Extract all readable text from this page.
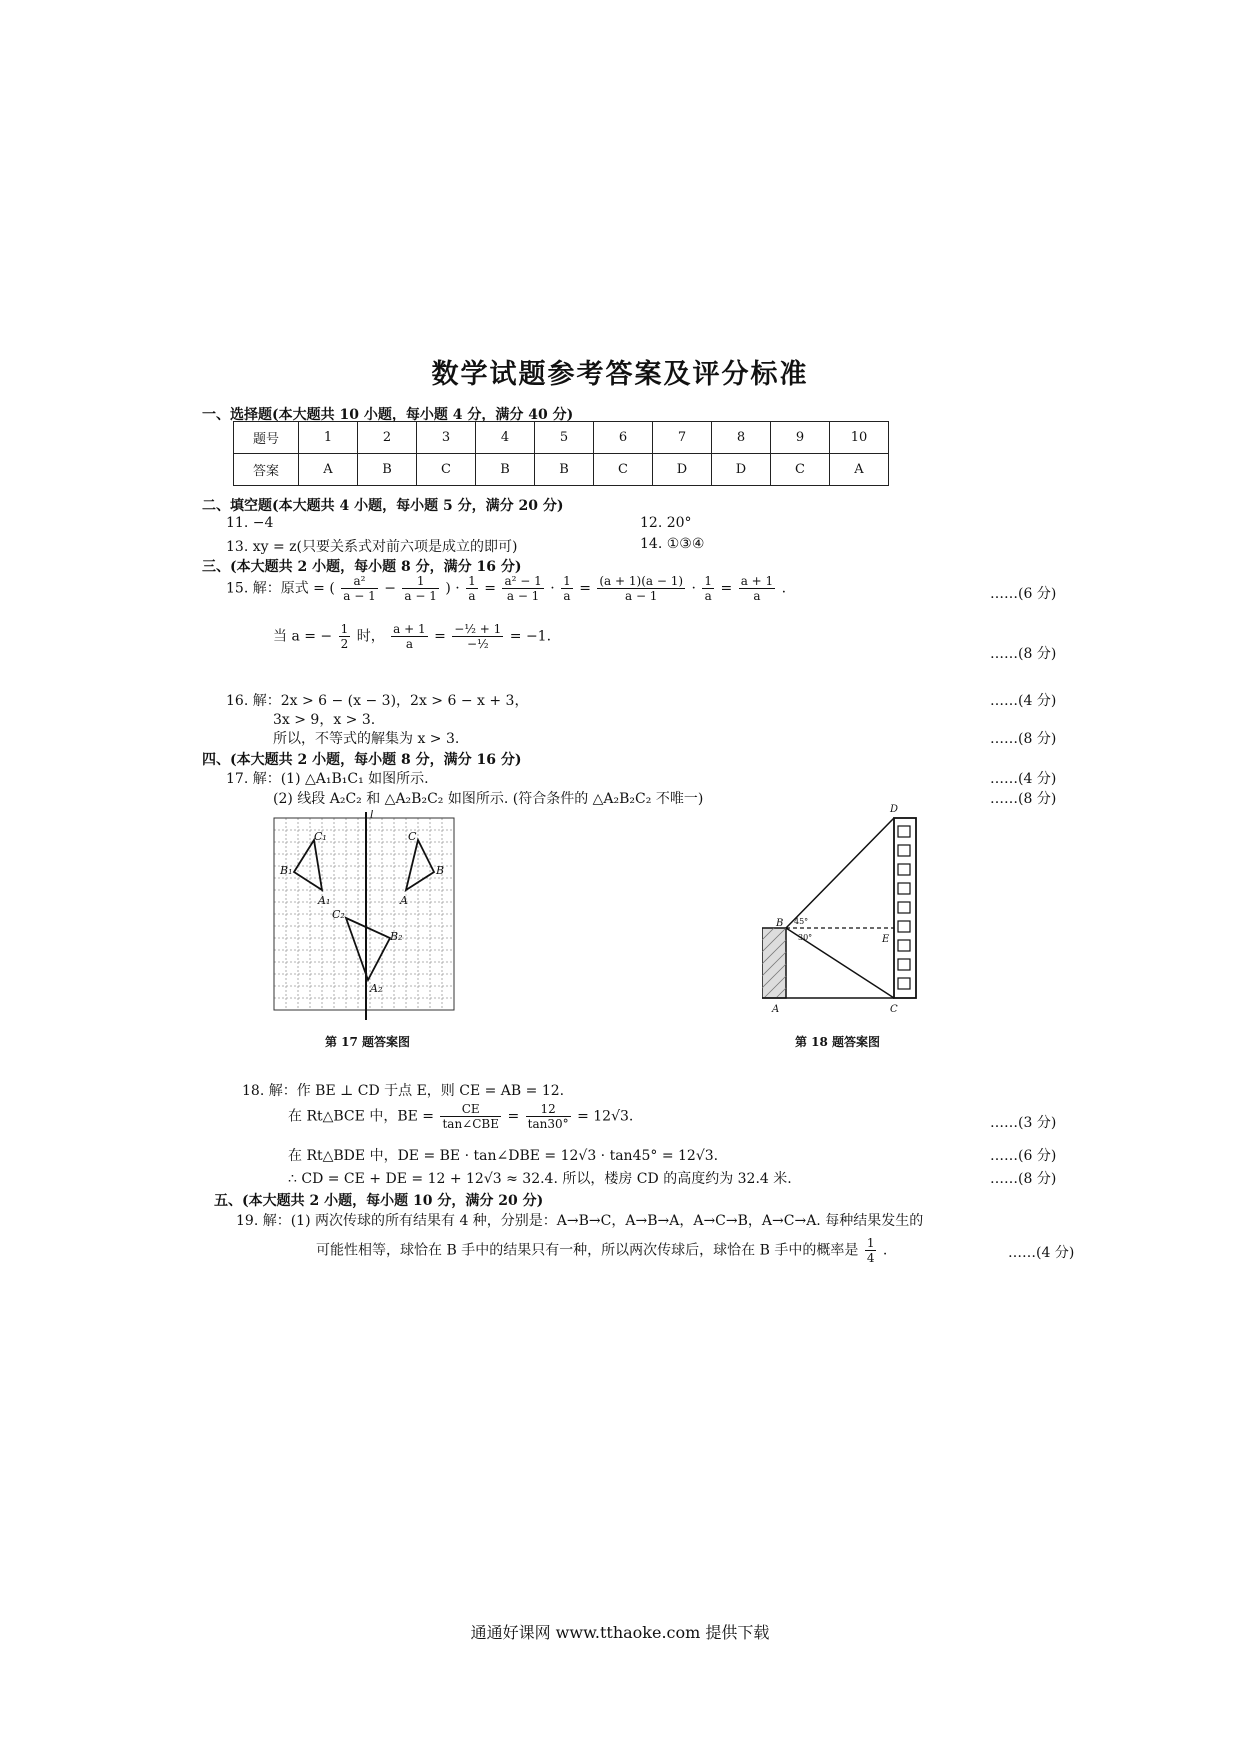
数学试题参考答案及评分标准
一、选择题(本大题共 10 小题，每小题 4 分，满分 40 分)
题号	1	2	3	4	5	6	7	8	9	10
答案	A	B	C	B	B	C	D	D	C	A
二、填空题(本大题共 4 小题，每小题 5 分，满分 20 分)
11. −4	12. 20°
13. xy = z(只要关系式对前六项是成立的即可)	14. ①③④
三、(本大题共 2 小题，每小题 8 分，满分 16 分)
15. 解：原式 = ( $\frac{\text{a²}}{a - 1} - \frac{1}{a - 1}$ ) · $\frac{1}{a} = \frac{\text{a² − 1}}{a - 1} \cdot \frac{1}{a} = \frac{(a + 1)(a - 1)}{a - 1} \cdot \frac{1}{a} = \frac{a + 1}{a}$ .	……(6 分)
当 a = − $\frac{1}{2}$ 时， $\frac{a + 1}{a} = \frac{\text{−½ + 1}}{\text{−½}} = -1$.
……(8 分)
16. 解：2x > 6 − (x − 3)，2x > 6 − x + 3，	……(4 分)
3x > 9，x > 3.
所以，不等式的解集为 x > 3.	……(8 分)
四、(本大题共 2 小题，每小题 8 分，满分 16 分)
17. 解：(1) △A₁B₁C₁ 如图所示.	……(4 分)
(2) 线段 A₂C₂ 和 △A₂B₂C₂ 如图所示. (符合条件的 △A₂B₂C₂ 不唯一)	……(8 分)
l
C
B
A
C₁
B₁
A₁
C₂
B₂
A₂
第 17 题答案图
D
B
E
A	C
45°
30°
第 18 题答案图
18. 解：作 BE ⊥ CD 于点 E，则 CE = AB = 12.
在 Rt△BCE 中，BE = $\frac{CE}{\text{tan∠CBE}} = \frac{12}{\tan 30^\circ} = 12√3$.	……(3 分)
在 Rt△BDE 中，DE = BE · tan∠DBE = 12√3 · tan45° = 12√3.	……(6 分)
∴ CD = CE + DE = 12 + 12√3 ≈ 32.4. 所以，楼房 CD 的高度约为 32.4 米.	……(8 分)
五、(本大题共 2 小题，每小题 10 分，满分 20 分)
19. 解：(1) 两次传球的所有结果有 4 种，分别是：A→B→C，A→B→A，A→C→B，A→C→A. 每种结果发生的
可能性相等，球恰在 B 手中的结果只有一种，所以两次传球后，球恰在 B 手中的概率是 $\frac{1}{4}$ .	……(4 分)
通通好课网 www.tthaoke.com 提供下载
